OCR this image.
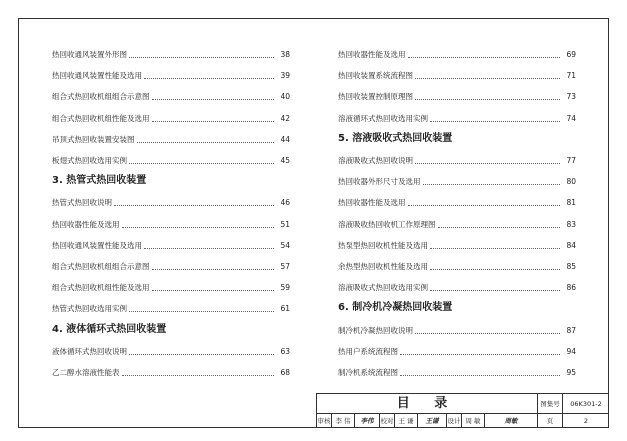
热回收通风装置外形图	38
热回收通风装置性能及选用	39
组合式热回收机组组合示意图	40
组合式热回收机组性能及选用	42
吊顶式热回收装置安装图	44
板翅式热回收选用实例	45
3. 热管式热回收装置
热管式热回收说明	46
热回收器性能及选用	51
热回收通风装置性能及选用	54
组合式热回收机组组合示意图	57
组合式热回收机组性能及选用	59
热管式热回收选用实例	61
4. 液体循环式热回收装置
液体循环式热回收说明	63
乙二醇水溶液性能表	68
热回收器性能及选用	69
热回收装置系统流程图	71
热回收装置控制原理图	73
溶液循环式热回收选用实例	74
5. 溶液吸收式热回收装置
溶液吸收式热回收说明	77
热回收器外形尺寸及选用	80
热回收器性能及选用	81
溶液吸收热回收机工作原理图	83
热泵型热回收机性能及选用	84
余热型热回收机性能及选用	85
溶液吸收式热回收选用实例	86
6. 制冷机冷凝热回收装置
制冷机冷凝热回收说明	87
热用户系统流程图	94
制冷机系统流程图	95
目 录	图集号	06K301-2
审核 李 伟	李伟	校对 王 谦	王谦	设计 周 敏	周敏	页	2
